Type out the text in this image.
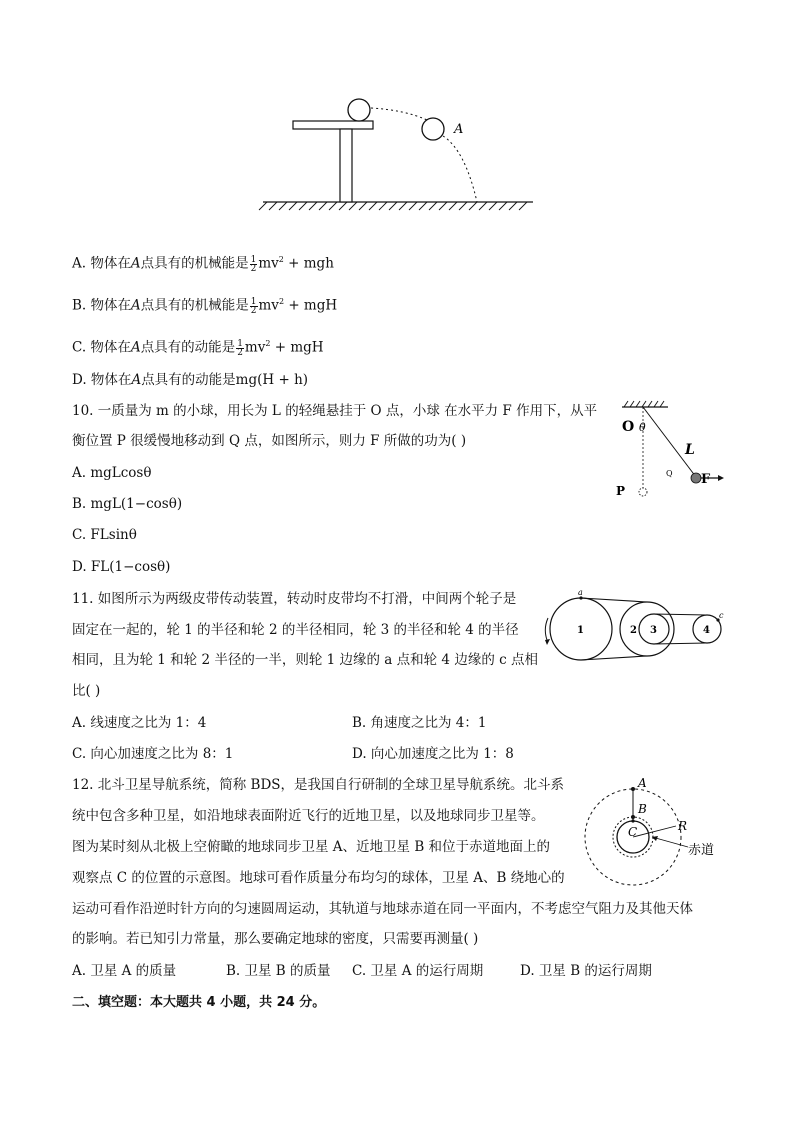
A
A. 物体在A点具有的机械能是 $\frac{1}{2} mv^2$ + mgh
B. 物体在A点具有的机械能是 $\frac{1}{2} mv^2$ + mgH
C. 物体在A点具有的动能是 $\frac{1}{2} mv^2$ + mgH
D. 物体在A点具有的动能是mg(H + h)
10. 一质量为 m 的小球，用长为 L 的轻绳悬挂于 O 点，小球 在水平力 F 作用下，从平
衡位置 P 很缓慢地移动到 Q 点，如图所示，则力 F 所做的功为( )
A. mgLcosθ
B. mgL(1−cosθ)
C. FLsinθ
D. FL(1−cosθ)
O θ
L
Q F
P
11. 如图所示为两级皮带传动装置，转动时皮带均不打滑，中间两个轮子是
固定在一起的，轮 1 的半径和轮 2 的半径相同，轮 3 的半径和轮 4 的半径
相同，且为轮 1 和轮 2 半径的一半，则轮 1 边缘的 a 点和轮 4 边缘的 c 点相
比( )
A. 线速度之比为 1：4
C. 向心加速度之比为 8：1
B. 角速度之比为 4：1
D. 向心加速度之比为 1：8
a
c
1	2 3	4
12. 北斗卫星导航系统，简称 BDS，是我国自行研制的全球卫星导航系统。北斗系
统中包含多种卫星，如沿地球表面附近飞行的近地卫星，以及地球同步卫星等。
图为某时刻从北极上空俯瞰的地球同步卫星 A、近地卫星 B 和位于赤道地面上的
观察点 C 的位置的示意图。地球可看作质量分布均匀的球体，卫星 A、B 绕地心的
运动可看作沿逆时针方向的匀速圆周运动，其轨道与地球赤道在同一平面内，不考虑空气阻力及其他天体
的影响。若已知引力常量，那么要确定地球的密度，只需要再测量( )
A. 卫星 A 的质量	B. 卫星 B 的质量 C. 卫星 A 的运行周期	D. 卫星 B 的运行周期
A
B
C	R
赤道
二、填空题：本大题共 4 小题，共 24 分。
